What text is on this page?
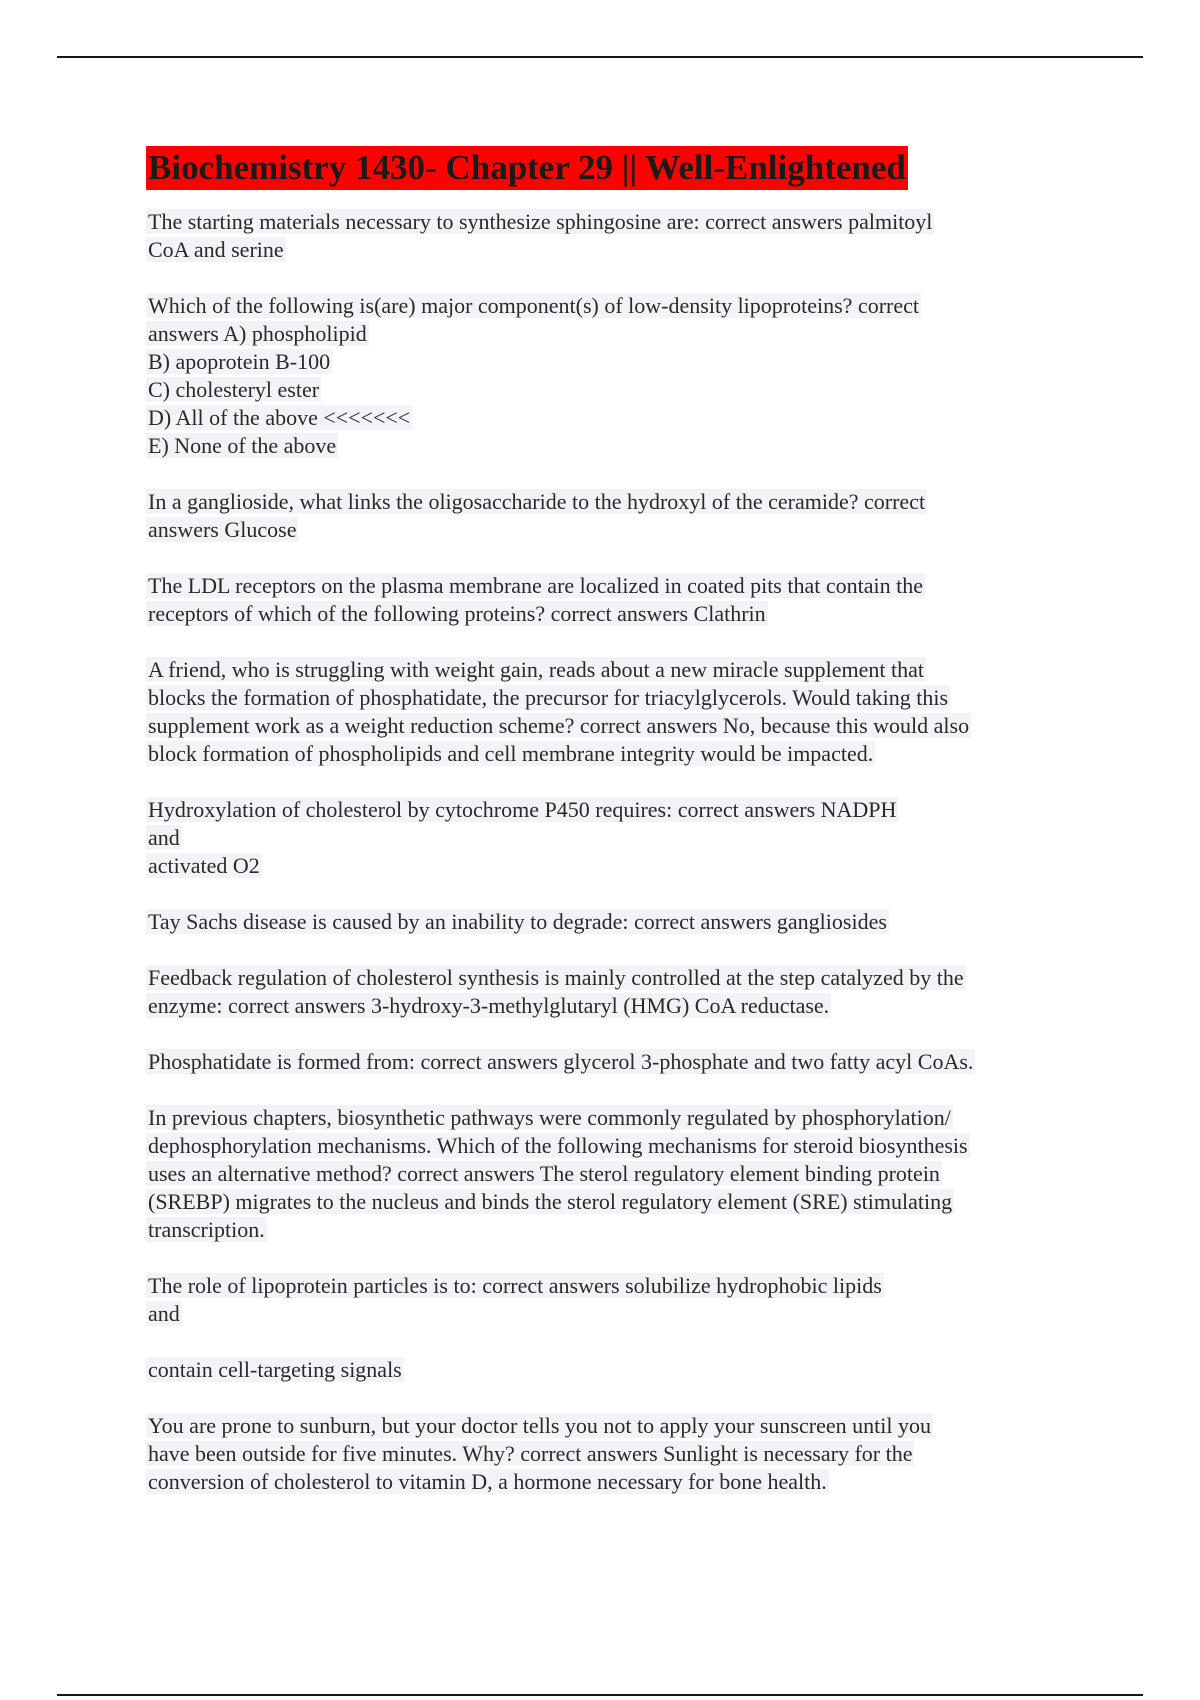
Biochemistry 1430- Chapter 29 || Well-Enlightened
The starting materials necessary to synthesize sphingosine are: correct answers palmitoyl
CoA and serine
Which of the following is(are) major component(s) of low-density lipoproteins? correct
answers A) phospholipid
B) apoprotein B-100
C) cholesteryl ester
D) All of the above <<<<<<<
E) None of the above
In a ganglioside, what links the oligosaccharide to the hydroxyl of the ceramide? correct
answers Glucose
The LDL receptors on the plasma membrane are localized in coated pits that contain the
receptors of which of the following proteins? correct answers Clathrin
A friend, who is struggling with weight gain, reads about a new miracle supplement that
blocks the formation of phosphatidate, the precursor for triacylglycerols. Would taking this
supplement work as a weight reduction scheme? correct answers No, because this would also
block formation of phospholipids and cell membrane integrity would be impacted.
Hydroxylation of cholesterol by cytochrome P450 requires: correct answers NADPH
and
activated O2
Tay Sachs disease is caused by an inability to degrade: correct answers gangliosides
Feedback regulation of cholesterol synthesis is mainly controlled at the step catalyzed by the
enzyme: correct answers 3-hydroxy-3-methylglutaryl (HMG) CoA reductase.
Phosphatidate is formed from: correct answers glycerol 3-phosphate and two fatty acyl CoAs.
In previous chapters, biosynthetic pathways were commonly regulated by phosphorylation/
dephosphorylation mechanisms. Which of the following mechanisms for steroid biosynthesis
uses an alternative method? correct answers The sterol regulatory element binding protein
(SREBP) migrates to the nucleus and binds the sterol regulatory element (SRE) stimulating
transcription.
The role of lipoprotein particles is to: correct answers solubilize hydrophobic lipids
and
contain cell-targeting signals
You are prone to sunburn, but your doctor tells you not to apply your sunscreen until you
have been outside for five minutes. Why? correct answers Sunlight is necessary for the
conversion of cholesterol to vitamin D, a hormone necessary for bone health.
